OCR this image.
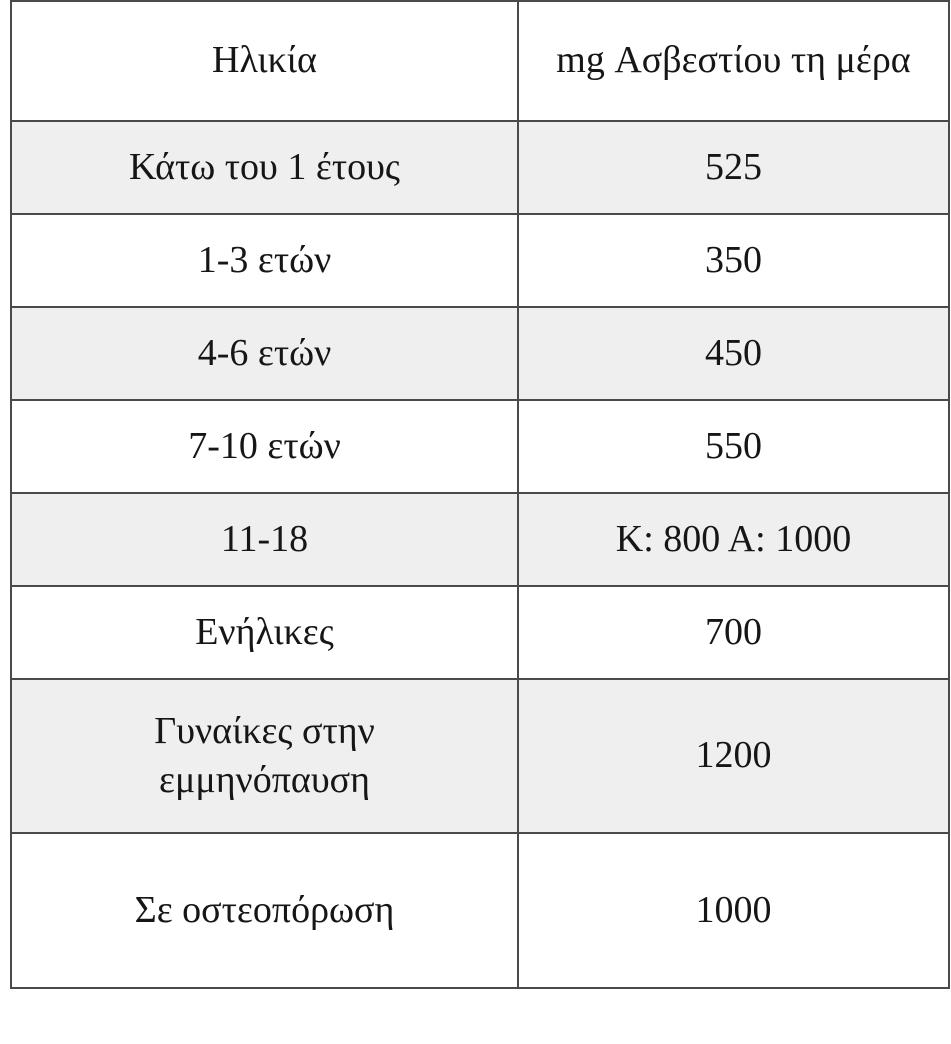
Ηλικία	mg Ασβεστίου τη μέρα
Κάτω του 1 έτους	525
1-3 ετών	350
4-6 ετών	450
7-10 ετών	550
11-18	Κ: 800 Α: 1000
Ενήλικες	700
Γυναίκες στην εμμηνόπαυση	1200
Σε οστεοπόρωση	1000
